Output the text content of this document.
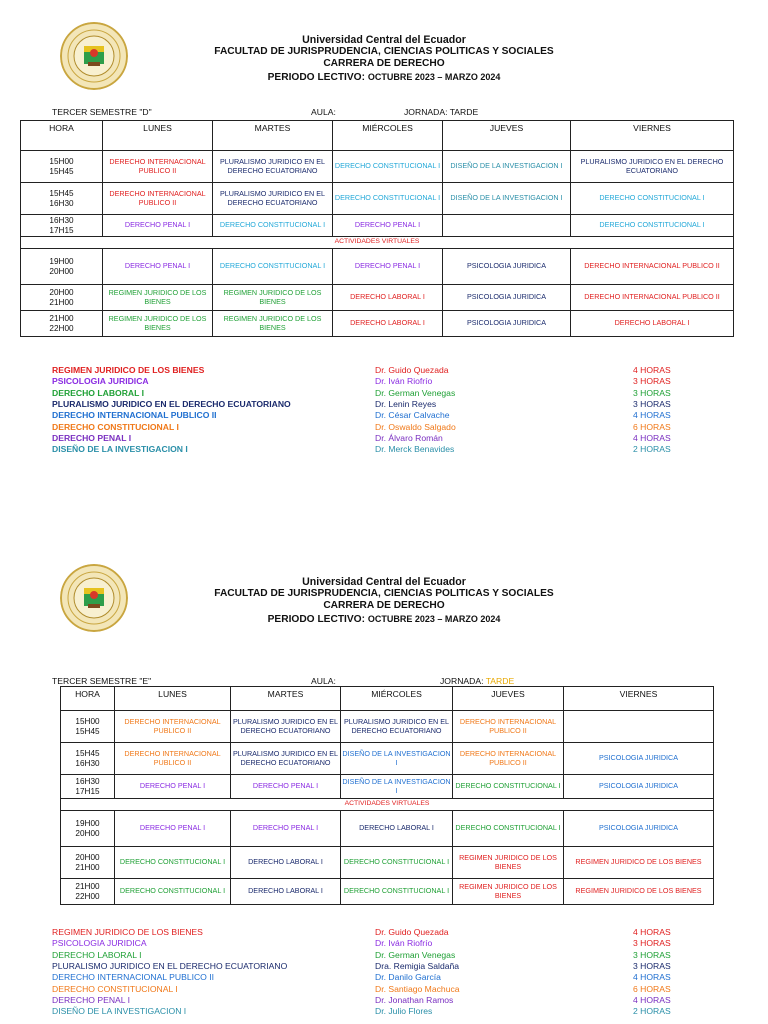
Universidad Central del Ecuador
FACULTAD DE JURISPRUDENCIA, CIENCIAS POLITICAS Y SOCIALES
CARRERA DE DERECHO
PERIODO LECTIVO: OCTUBRE 2023 – MARZO 2024
TERCER SEMESTRE "D"	AULA:	JORNADA: TARDE
HORA	LUNES	MARTES	MIÉRCOLES	JUEVES	VIERNES

15H00
15H45	DERECHO INTERNACIONAL PUBLICO II	PLURALISMO JURIDICO EN EL DERECHO ECUATORIANO	DERECHO CONSTITUCIONAL I	DISEÑO DE LA INVESTIGACION I	PLURALISMO JURIDICO EN EL DERECHO ECUATORIANO

15H45
16H30	DERECHO INTERNACIONAL PUBLICO II	PLURALISMO JURIDICO EN EL DERECHO ECUATORIANO	DERECHO CONSTITUCIONAL I	DISEÑO DE LA INVESTIGACION I	DERECHO CONSTITUCIONAL I

16H30
17H15	DERECHO PENAL I	DERECHO CONSTITUCIONAL I	DERECHO PENAL I		DERECHO CONSTITUCIONAL I
ACTIVIDADES VIRTUALES					

19H00
20H00	DERECHO PENAL I	DERECHO CONSTITUCIONAL I	DERECHO PENAL I	PSICOLOGIA JURIDICA	DERECHO INTERNACIONAL PUBLICO II

20H00
21H00	REGIMEN JURIDICO DE LOS BIENES	REGIMEN JURIDICO DE LOS BIENES	DERECHO LABORAL I	PSICOLOGIA JURIDICA	DERECHO INTERNACIONAL PUBLICO II

21H00
22H00	REGIMEN JURIDICO DE LOS BIENES	REGIMEN JURIDICO DE LOS BIENES	DERECHO LABORAL I	PSICOLOGIA JURIDICA	DERECHO LABORAL I
REGIMEN JURIDICO DE LOS BIENES	Dr. Guido Quezada	4 HORAS
PSICOLOGIA JURIDICA	Dr. Iván Riofrío	3 HORAS
DERECHO LABORAL I	Dr. German Venegas	3 HORAS
PLURALISMO JURIDICO EN EL DERECHO ECUATORIANO	Dr. Lenin Reyes	3 HORAS
DERECHO INTERNACIONAL PUBLICO II	Dr. César Calvache	4 HORAS
DERECHO CONSTITUCIONAL I	Dr. Oswaldo Salgado	6 HORAS
DERECHO PENAL I	Dr. Álvaro Román	4 HORAS
DISEÑO DE LA INVESTIGACION I	Dr. Merck Benavides	2 HORAS
Universidad Central del Ecuador
FACULTAD DE JURISPRUDENCIA, CIENCIAS POLITICAS Y SOCIALES
CARRERA DE DERECHO
PERIODO LECTIVO: OCTUBRE 2023 – MARZO 2024
TERCER SEMESTRE "E"	AULA:	JORNADA: TARDE
HORA	LUNES	MARTES	MIÉRCOLES	JUEVES	VIERNES

15H00
15H45	DERECHO INTERNACIONAL PUBLICO II	PLURALISMO JURIDICO EN EL DERECHO ECUATORIANO	PLURALISMO JURIDICO EN EL DERECHO ECUATORIANO	DERECHO INTERNACIONAL PUBLICO II	

15H45
16H30	DERECHO INTERNACIONAL PUBLICO II	PLURALISMO JURIDICO EN EL DERECHO ECUATORIANO	DISEÑO DE LA INVESTIGACION I	DERECHO INTERNACIONAL PUBLICO II	PSICOLOGIA JURIDICA

16H30
17H15	DERECHO PENAL I	DERECHO PENAL I	DISEÑO DE LA INVESTIGACION I	DERECHO CONSTITUCIONAL I	PSICOLOGIA JURIDICA
ACTIVIDADES VIRTUALES					

19H00
20H00	DERECHO PENAL I	DERECHO PENAL I	DERECHO LABORAL I	DERECHO CONSTITUCIONAL I	PSICOLOGIA JURIDICA

20H00
21H00	DERECHO CONSTITUCIONAL I	DERECHO LABORAL I	DERECHO CONSTITUCIONAL I	REGIMEN JURIDICO DE LOS BIENES	REGIMEN JURIDICO DE LOS BIENES

21H00
22H00	DERECHO CONSTITUCIONAL I	DERECHO LABORAL I	DERECHO CONSTITUCIONAL I	REGIMEN JURIDICO DE LOS BIENES	REGIMEN JURIDICO DE LOS BIENES
REGIMEN JURIDICO DE LOS BIENES	Dr. Guido Quezada	4 HORAS
PSICOLOGIA JURIDICA	Dr. Iván Riofrío	3 HORAS
DERECHO LABORAL I	Dr. German Venegas	3 HORAS
PLURALISMO JURIDICO EN EL DERECHO ECUATORIANO	Dra. Remigia Saldaña	3 HORAS
DERECHO INTERNACIONAL PUBLICO II	Dr. Danilo García	4 HORAS
DERECHO CONSTITUCIONAL I	Dr. Santiago Machuca	6 HORAS
DERECHO PENAL I	Dr. Jonathan Ramos	4 HORAS
DISEÑO DE LA INVESTIGACION I	Dr. Julio Flores	2 HORAS
